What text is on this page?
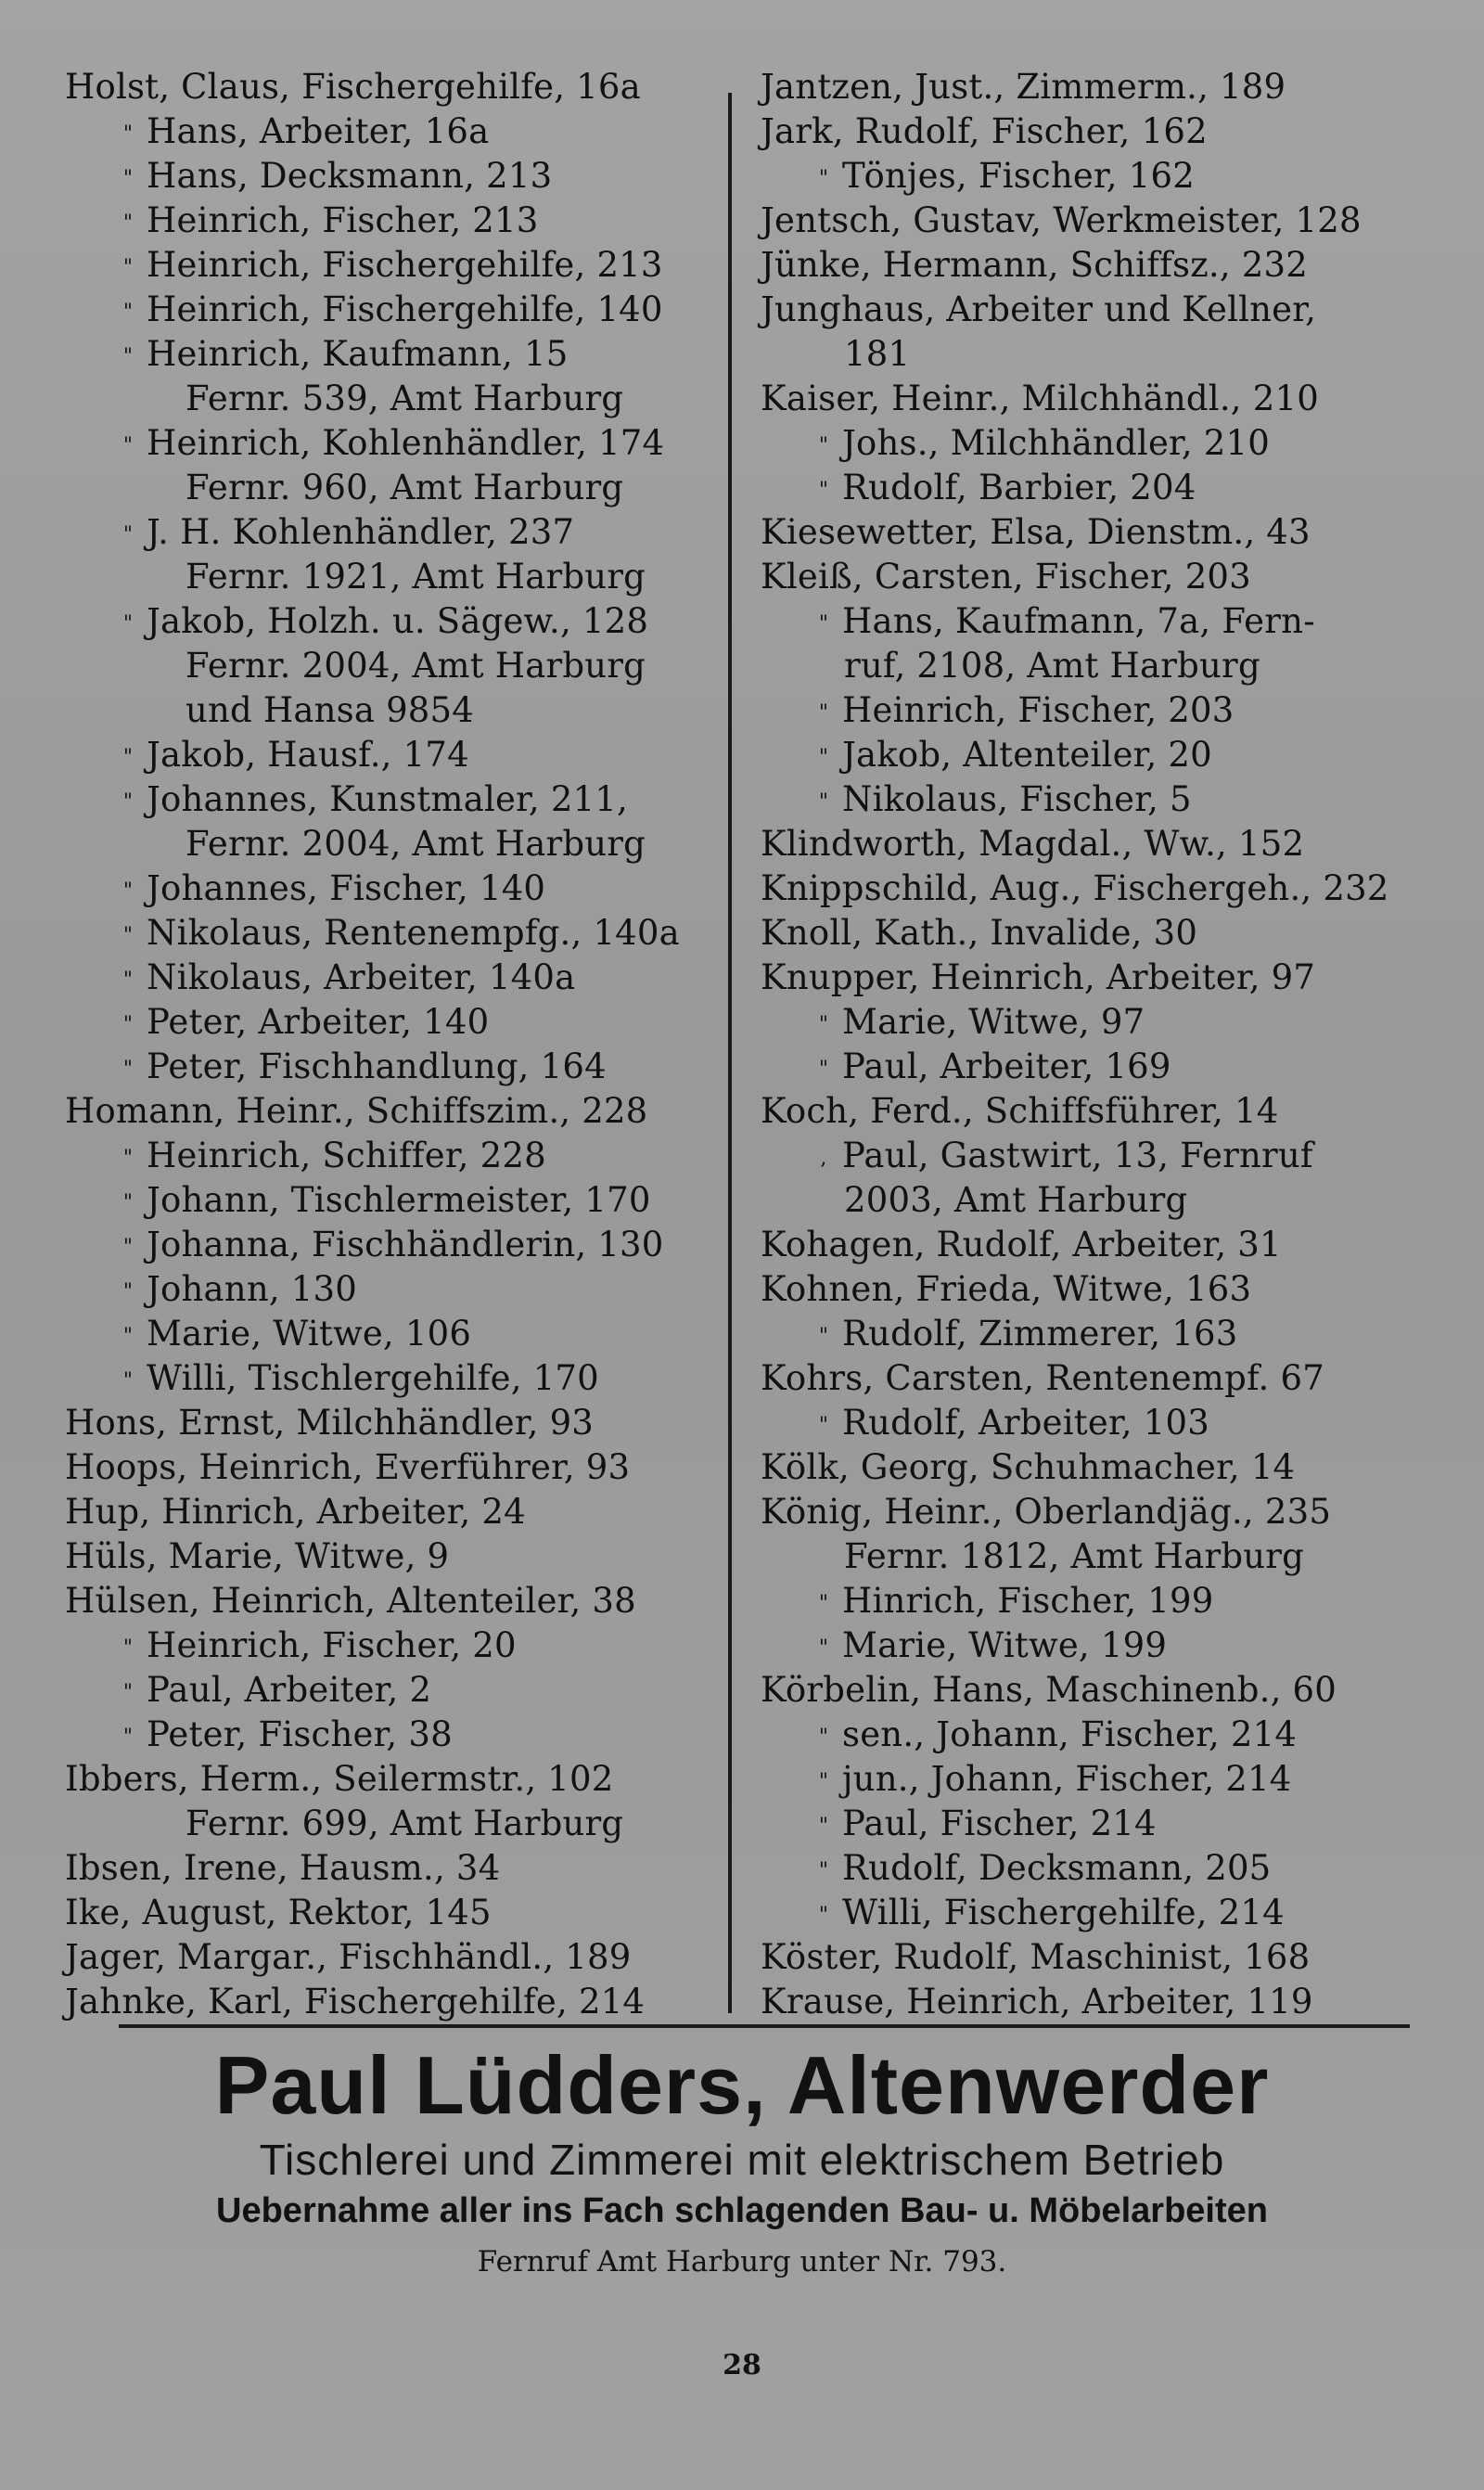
Holst, Claus, Fischergehilfe, 16a
" Hans, Arbeiter, 16a
" Hans, Decksmann, 213
" Heinrich, Fischer, 213
" Heinrich, Fischergehilfe, 213
" Heinrich, Fischergehilfe, 140
" Heinrich, Kaufmann, 15
Fernr. 539, Amt Harburg
" Heinrich, Kohlenhändler, 174
Fernr. 960, Amt Harburg
" J. H. Kohlenhändler, 237
Fernr. 1921, Amt Harburg
" Jakob, Holzh. u. Sägew., 128
Fernr. 2004, Amt Harburg
und Hansa 9854
" Jakob, Hausf., 174
" Johannes, Kunstmaler, 211,
Fernr. 2004, Amt Harburg
" Johannes, Fischer, 140
" Nikolaus, Rentenempfg., 140a
" Nikolaus, Arbeiter, 140a
" Peter, Arbeiter, 140
" Peter, Fischhandlung, 164
Homann, Heinr., Schiffszim., 228
" Heinrich, Schiffer, 228
" Johann, Tischlermeister, 170
" Johanna, Fischhändlerin, 130
" Johann, 130
" Marie, Witwe, 106
" Willi, Tischlergehilfe, 170
Hons, Ernst, Milchhändler, 93
Hoops, Heinrich, Everführer, 93
Hup, Hinrich, Arbeiter, 24
Hüls, Marie, Witwe, 9
Hülsen, Heinrich, Altenteiler, 38
" Heinrich, Fischer, 20
" Paul, Arbeiter, 2
" Peter, Fischer, 38
Ibbers, Herm., Seilermstr., 102
Fernr. 699, Amt Harburg
Ibsen, Irene, Hausm., 34
Ike, August, Rektor, 145
Jager, Margar., Fischhändl., 189
Jahnke, Karl, Fischergehilfe, 214
Jantzen, Just., Zimmerm., 189
Jark, Rudolf, Fischer, 162
" Tönjes, Fischer, 162
Jentsch, Gustav, Werkmeister, 128
Jünke, Hermann, Schiffsz., 232
Junghaus, Arbeiter und Kellner,
181
Kaiser, Heinr., Milchhändl., 210
" Johs., Milchhändler, 210
" Rudolf, Barbier, 204
Kiesewetter, Elsa, Dienstm., 43
Kleiß, Carsten, Fischer, 203
" Hans, Kaufmann, 7a, Fern-
ruf, 2108, Amt Harburg
" Heinrich, Fischer, 203
" Jakob, Altenteiler, 20
" Nikolaus, Fischer, 5
Klindworth, Magdal., Ww., 152
Knippschild, Aug., Fischergeh., 232
Knoll, Kath., Invalide, 30
Knupper, Heinrich, Arbeiter, 97
" Marie, Witwe, 97
" Paul, Arbeiter, 169
Koch, Ferd., Schiffsführer, 14
, Paul, Gastwirt, 13, Fernruf
2003, Amt Harburg
Kohagen, Rudolf, Arbeiter, 31
Kohnen, Frieda, Witwe, 163
" Rudolf, Zimmerer, 163
Kohrs, Carsten, Rentenempf. 67
" Rudolf, Arbeiter, 103
Kölk, Georg, Schuhmacher, 14
König, Heinr., Oberlandjäg., 235
Fernr. 1812, Amt Harburg
" Hinrich, Fischer, 199
" Marie, Witwe, 199
Körbelin, Hans, Maschinenb., 60
" sen., Johann, Fischer, 214
" jun., Johann, Fischer, 214
" Paul, Fischer, 214
" Rudolf, Decksmann, 205
" Willi, Fischergehilfe, 214
Köster, Rudolf, Maschinist, 168
Krause, Heinrich, Arbeiter, 119
Paul Lüdders, Altenwerder
Tischlerei und Zimmerei mit elektrischem Betrieb
Uebernahme aller ins Fach schlagenden Bau- u. Möbelarbeiten
Fernruf Amt Harburg unter Nr. 793.
28
